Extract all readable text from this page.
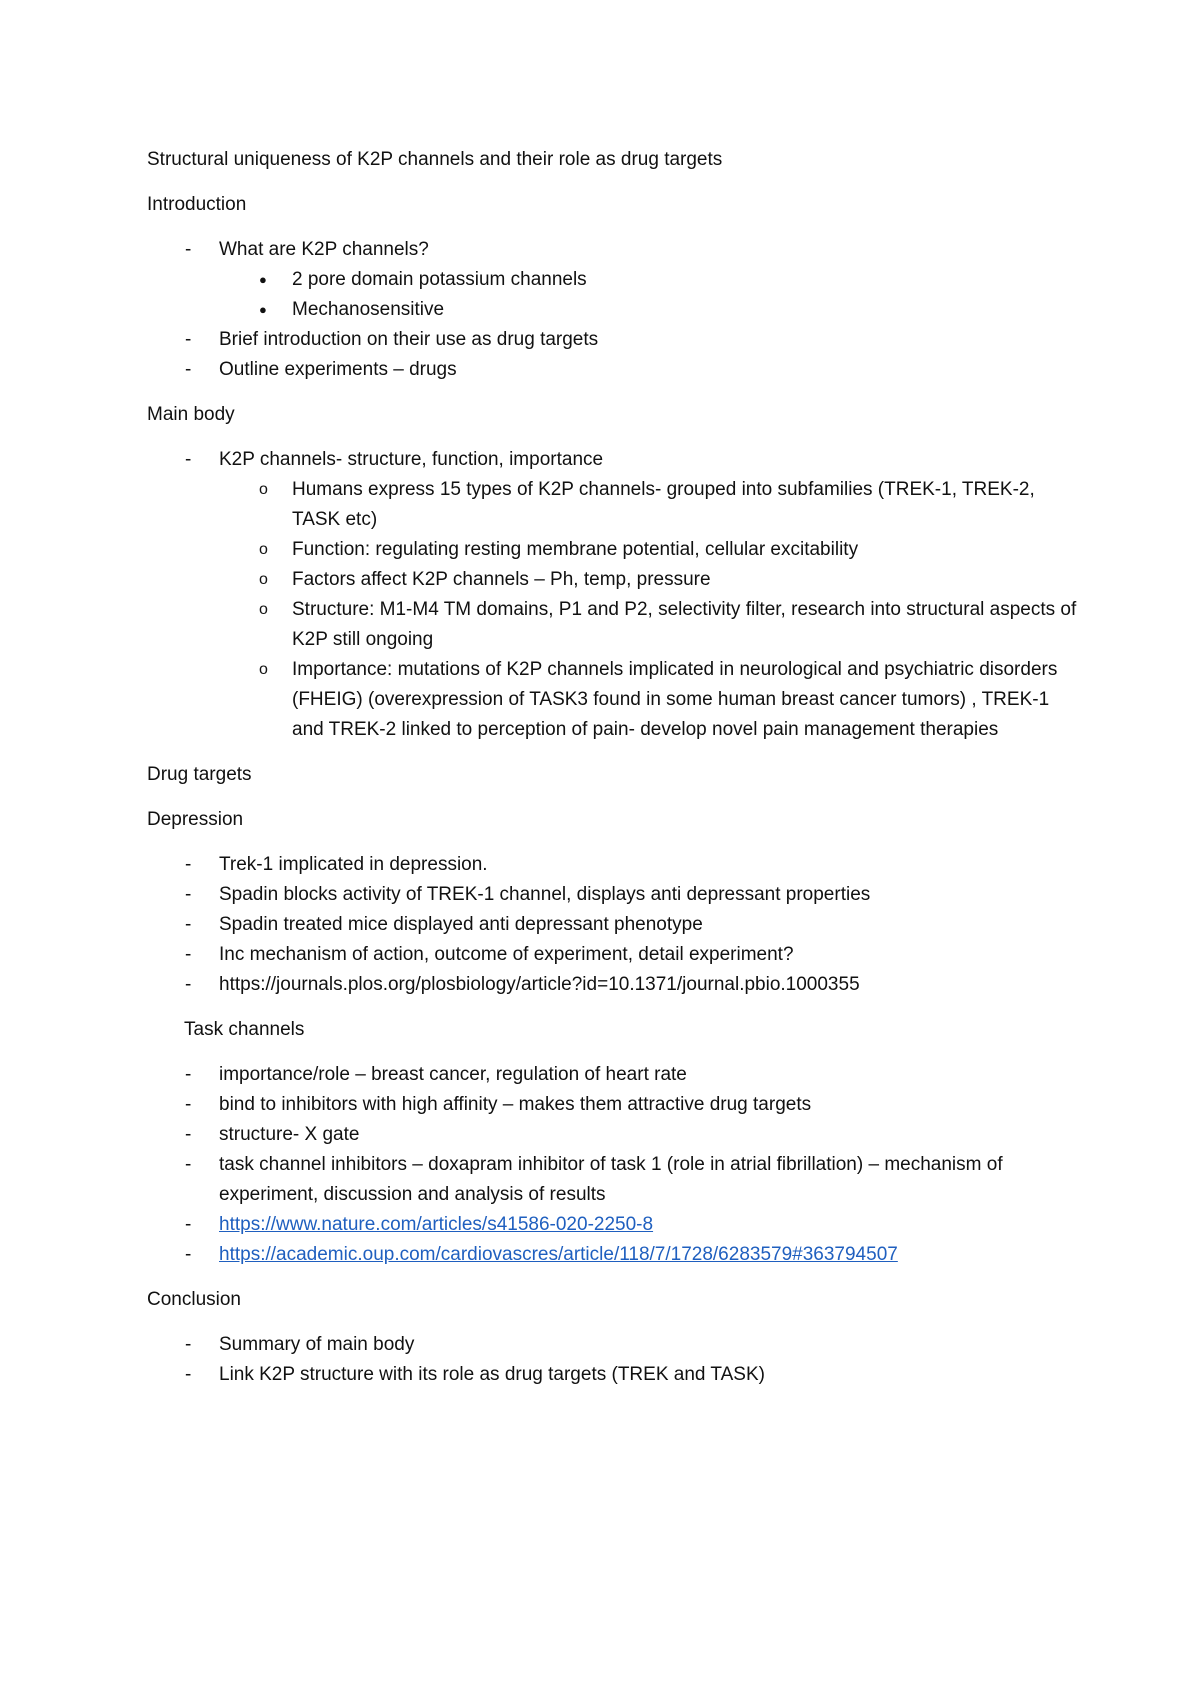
Structural uniqueness of K2P channels and their role as drug targets
Introduction
- What are K2P channels?
● 2 pore domain potassium channels
● Mechanosensitive
- Brief introduction on their use as drug targets
- Outline experiments – drugs
Main body
- K2P channels- structure, function, importance
o Humans express 15 types of K2P channels- grouped into subfamilies (TREK-1, TREK-2, TASK etc)
o Function: regulating resting membrane potential, cellular excitability
o Factors affect K2P channels – Ph, temp, pressure
o Structure: M1-M4 TM domains, P1 and P2, selectivity filter, research into structural aspects of K2P still ongoing
o Importance: mutations of K2P channels implicated in neurological and psychiatric disorders (FHEIG) (overexpression of TASK3 found in some human breast cancer tumors) , TREK-1 and TREK-2 linked to perception of pain- develop novel pain management therapies
Drug targets
Depression
- Trek-1 implicated in depression.
- Spadin blocks activity of TREK-1 channel, displays anti depressant properties
- Spadin treated mice displayed anti depressant phenotype
- Inc mechanism of action, outcome of experiment, detail experiment?
- https://journals.plos.org/plosbiology/article?id=10.1371/journal.pbio.1000355
Task channels
- importance/role – breast cancer, regulation of heart rate
- bind to inhibitors with high affinity – makes them attractive drug targets
- structure- X gate
- task channel inhibitors – doxapram inhibitor of task 1 (role in atrial fibrillation) – mechanism of experiment, discussion and analysis of results
- https://www.nature.com/articles/s41586-020-2250-8
- https://academic.oup.com/cardiovascres/article/118/7/1728/6283579#363794507
Conclusion
- Summary of main body
- Link K2P structure with its role as drug targets (TREK and TASK)
